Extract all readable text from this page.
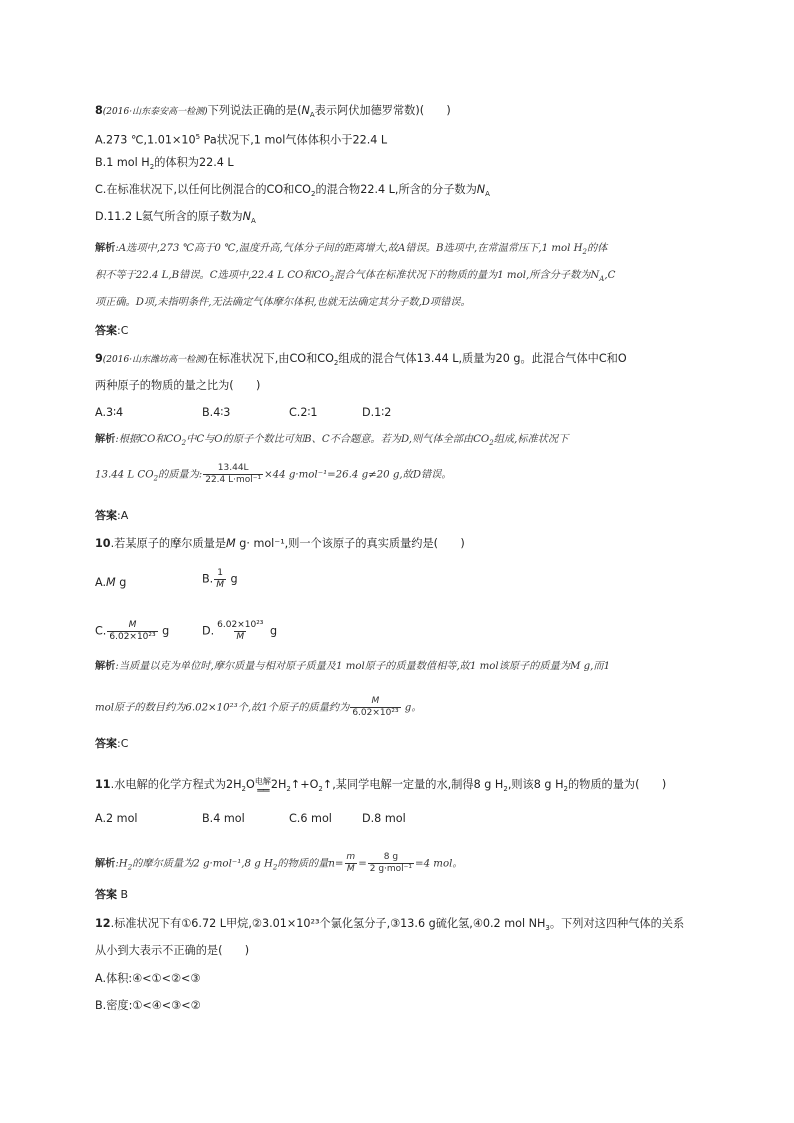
8(2016·山东泰安高一检测)下列说法正确的是($N_A$表示阿伏加德罗常数)(　　)
A.273 $℃,1.01\times 10^5$ Pa状况下,1 mol气体体积小于22.4 L
B.1 mol $H_2$的体积为22.4 L
C.在标准状况下,以任何比例混合的CO和$CO_2$的混合物22.4 L,所含的分子数为$N_A$
D.11.2 L氦气所含的原子数为$N_A$
解析:A选项中,273 ℃高于0 ℃,温度升高,气体分子间的距离增大,故A错误。B选项中,在常温常压下,1 mol $H_2$的体
积不等于22.4 L,B错误。C选项中,22.4 L CO和$CO_2$混合气体在标准状况下的物质的量为1 mol,所含分子数为$N_A,C$
项正确。D项,未指明条件,无法确定气体摩尔体积,也就无法确定其分子数,D项错误。
答案:C
9(2016·山东潍坊高一检测)在标准状况下,由CO和$CO_2$组成的混合气体13.44 L,质量为20 g。此混合气体中C和O
两种原子的物质的量之比为(　　)
A.3∶4	B.4∶3	C.2∶1	D.1∶2
解析:根据CO和$CO_2$中C与O的原子个数比可知B、C不合题意。若为D,则气体全部由$CO_2$组成,标准状况下
13.44 L $CO_2$的质量为: $\frac{13.44L}{\text{22.4 L·mol⁻¹}} \times 44$ g·mol⁻¹=26.4 g≠20 g,故D错误。
答案:A
10.若某原子的摩尔质量是M g· mol⁻¹,则一个该原子的真实质量约是(　　)
A.M g	B. $\frac{1}{M}$ g
C. $\frac{M}{\text{6.02×10²³}}$ g	D. $\frac{\text{6.02×10²³}}{M}$ g
解析:当质量以克为单位时,摩尔质量与相对原子质量及1 mol原子的质量数值相等,故1 mol该原子的质量为M g,而1
mol原子的数目约为6.02×10²³个,故1个原子的质量约为 $\frac{M}{\text{6.02×10²³}}$ g。
答案:C
11.水电解的化学方程式为$2H_2O$ 电解
══ $2H_2↑+O_2↑$,某同学电解一定量的水,制得8 g $H_2$,则该8 g $H_2$的物质的量为(　　)
A.2 mol	B.4 mol	C.6 mol	D.8 mol
解析$:H_2$的摩尔质量为2 g·mol⁻¹,8 g $H_2$的物质的量$n= \frac{m}{M} = \frac{8 g}{\text{2 g·mol⁻¹}} =4$ mol。
答案 B
12.标准状况下有①6.72 L甲烷,②3.01×10²³个氯化氢分子,③13.6 g硫化氢,④0.2 mol $NH_3$。下列对这四种气体的关系
从小到大表示不正确的是(　　)
A.体积:④<①<②<③
B.密度:①<④<③<②
